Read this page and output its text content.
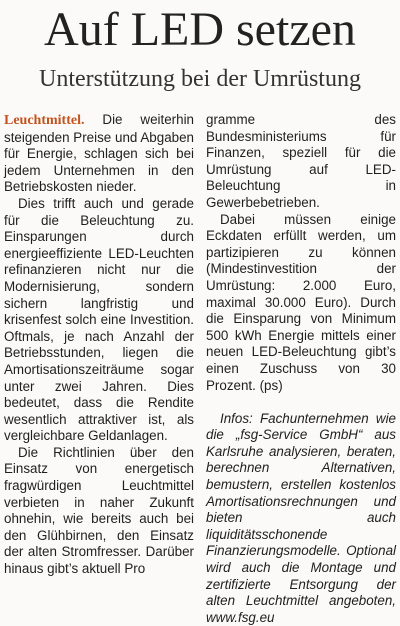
Auf LED setzen
Unterstützung bei der Umrüstung

Leuchtmittel. Die weiterhin steigenden Preise und Abgaben für Energie, schlagen sich bei jedem Unternehmen in den Betriebskosten nieder.

Dies trifft auch und gerade für die Beleuchtung zu. Einsparungen durch energieeffiziente LED-Leuchten refinanzieren nicht nur die Modernisierung, sondern sichern langfristig und krisenfest solch eine Investition. Oftmals, je nach Anzahl der Betriebsstunden, liegen die Amortisationszeiträume sogar unter zwei Jahren. Dies bedeutet, dass die Rendite wesentlich attraktiver ist, als vergleichbare Geldanlagen.

Die Richtlinien über den Einsatz von energetisch fragwürdigen Leuchtmittel verbieten in naher Zukunft ohnehin, wie bereits auch bei den Glühbirnen, den Einsatz der alten Stromfresser. Darüber hinaus gibt’s aktuell Pro

gramme des Bundesministeriums für Finanzen, speziell für die Umrüstung auf LED-Beleuchtung in Gewerbebetrieben.

Dabei müssen einige Eckdaten erfüllt werden, um partizipieren zu können (Mindestinvestition der Umrüstung: 2.000 Euro, maximal 30.000 Euro). Durch die Einsparung von Minimum 500 kWh Energie mittels einer neuen LED-Beleuchtung gibt’s einen Zuschuss von 30 Prozent. (ps)

Infos: Fachunternehmen wie die „fsg-Service GmbH“ aus Karlsruhe analysieren, beraten, berechnen Alternativen, bemustern, erstellen kostenlos Amortisationsrechnungen und bieten auch liquiditätsschonende Finanzierungsmodelle. Optional wird auch die Montage und zertifizierte Entsorgung der alten Leuchtmittel angeboten, www.fsg.eu
